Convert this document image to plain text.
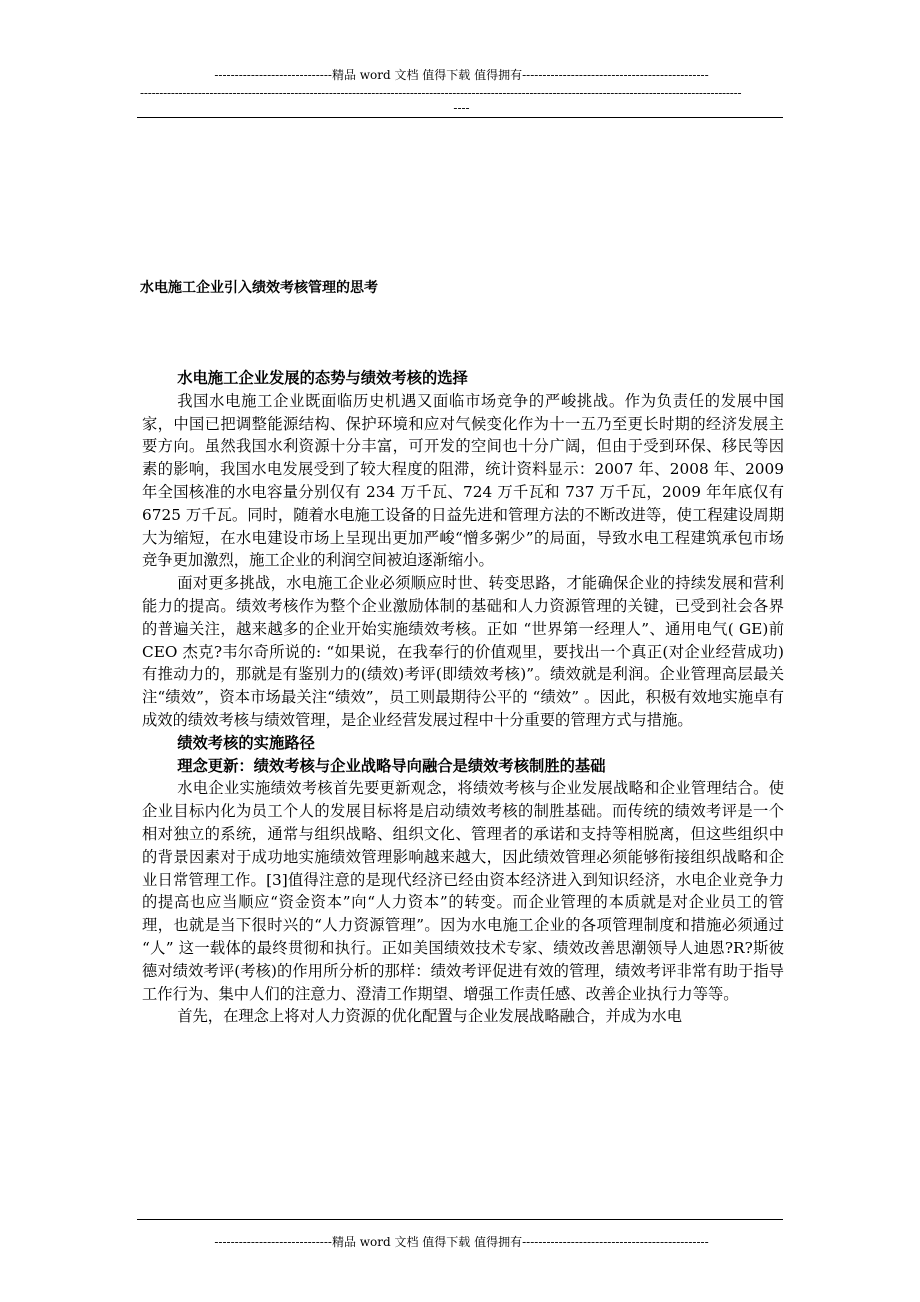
-----------------------------精品 word 文档 值得下载 值得拥有----------------------------------------------
------------------------------------------------------------------------------------------------------------------------------------------------------------
----
水电施工企业引入绩效考核管理的思考
水电施工企业发展的态势与绩效考核的选择

我国水电施工企业既面临历史机遇又面临市场竞争的严峻挑战。作为负责任的发展中国家，中国已把调整能源结构、保护环境和应对气候变化作为十一五乃至更长时期的经济发展主要方向。虽然我国水利资源十分丰富，可开发的空间也十分广阔，但由于受到环保、移民等因素的影响，我国水电发展受到了较大程度的阻滞，统计资料显示：2007 年、2008 年、2009 年全国核准的水电容量分别仅有 234 万千瓦、724 万千瓦和 737 万千瓦，2009 年年底仅有 6725 万千瓦。同时，随着水电施工设备的日益先进和管理方法的不断改进等，使工程建设周期大为缩短，在水电建设市场上呈现出更加严峻“憎多粥少”的局面，导致水电工程建筑承包市场竞争更加激烈，施工企业的利润空间被迫逐渐缩小。

面对更多挑战，水电施工企业必须顺应时世、转变思路，才能确保企业的持续发展和营利能力的提高。绩效考核作为整个企业激励体制的基础和人力资源管理的关键，已受到社会各界的普遍关注，越来越多的企业开始实施绩效考核。正如 “世界第一经理人”、通用电气( GE)前 CEO 杰克?韦尔奇所说的: “如果说，在我奉行的价值观里，要找出一个真正(对企业经营成功)有推动力的，那就是有鉴别力的(绩效)考评(即绩效考核)”。绩效就是利润。企业管理高层最关注“绩效”，资本市场最关注“绩效”，员工则最期待公平的 “绩效” 。因此，积极有效地实施卓有成效的绩效考核与绩效管理，是企业经营发展过程中十分重要的管理方式与措施。

绩效考核的实施路径
理念更新：绩效考核与企业战略导向融合是绩效考核制胜的基础

水电企业实施绩效考核首先要更新观念，将绩效考核与企业发展战略和企业管理结合。使企业目标内化为员工个人的发展目标将是启动绩效考核的制胜基础。而传统的绩效考评是一个相对独立的系统，通常与组织战略、组织文化、管理者的承诺和支持等相脱离，但这些组织中的背景因素对于成功地实施绩效管理影响越来越大，因此绩效管理必须能够衔接组织战略和企业日常管理工作。[3]值得注意的是现代经济已经由资本经济进入到知识经济，水电企业竞争力的提高也应当顺应“资金资本”向“人力资本”的转变。而企业管理的本质就是对企业员工的管理，也就是当下很时兴的“人力资源管理”。因为水电施工企业的各项管理制度和措施必须通过 “人” 这一载体的最终贯彻和执行。正如美国绩效技术专家、绩效改善思潮领导人迪恩?R?斯彼德对绩效考评(考核)的作用所分析的那样：绩效考评促进有效的管理，绩效考评非常有助于指导工作行为、集中人们的注意力、澄清工作期望、增强工作责任感、改善企业执行力等等。

首先，在理念上将对人力资源的优化配置与企业发展战略融合，并成为水电

-----------------------------精品 word 文档 值得下载 值得拥有----------------------------------------------
